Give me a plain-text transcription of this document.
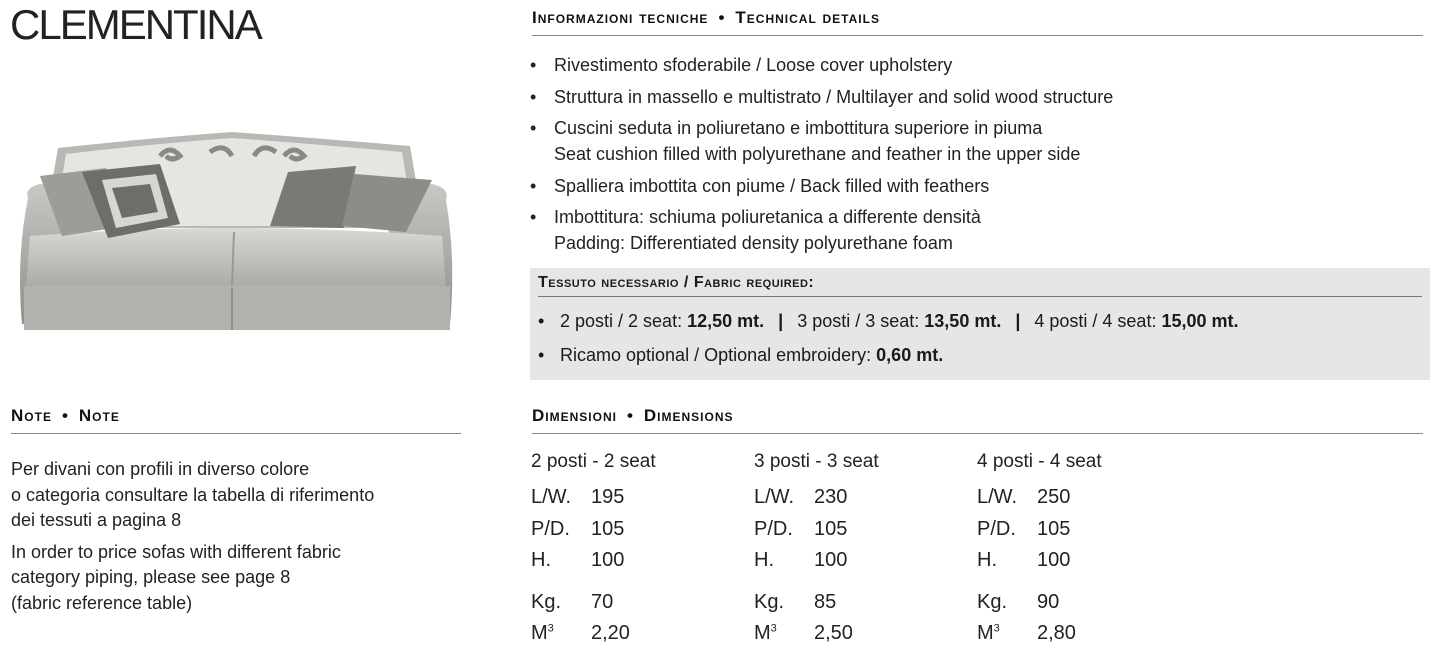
CLEMENTINA	Informazioni tecniche • Technical details
• Rivestimento sfoderabile / Loose cover upholstery
• Struttura in massello e multistrato / Multilayer and solid wood structure
• Cuscini seduta in poliuretano e imbottitura superiore in piuma
Seat cushion filled with polyurethane and feather in the upper side
• Spalliera imbottita con piume / Back filled with feathers
• Imbottitura: schiuma poliuretanica a differente densità
Padding: Differentiated density polyurethane foam
Tessuto necessario / Fabric required:
• 2 posti / 2 seat: 12,50 mt. | 3 posti / 3 seat: 13,50 mt. | 4 posti / 4 seat: 15,00 mt.
• Ricamo optional / Optional embroidery: 0,60 mt.
Note • Note

Per divani con profili in diverso colore
o categoria consultare la tabella di riferimento
dei tessuti a pagina 8

In order to price sofas with different fabric
category piping, please see page 8
(fabric reference table)

Dimensioni • Dimensions
2 posti - 2 seat
L/W. 195
P/D.	105
H.	100
Kg.	70
$M^3$	2,20
3 posti - 3 seat
L/W. 230
P/D.	105
H.	100
Kg.	85
$M^3$	2,50
4 posti - 4 seat
L/W. 250
P/D.	105
H.	100
Kg.	90
$M^3$	2,80
